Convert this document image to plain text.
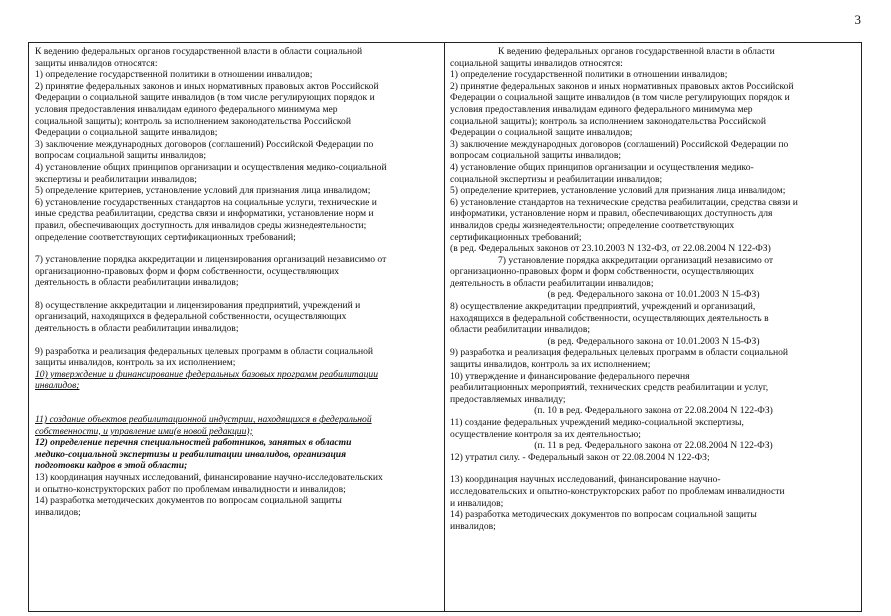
3
К ведению федеральных органов государственной власти в области социальной
защиты инвалидов относятся:
1) определение государственной политики в отношении инвалидов;
2) принятие федеральных законов и иных нормативных правовых актов Российской
Федерации о социальной защите инвалидов (в том числе регулирующих порядок и
условия предоставления инвалидам единого федерального минимума мер
социальной защиты); контроль за исполнением законодательства Российской
Федерации о социальной защите инвалидов;
3) заключение международных договоров (соглашений) Российской Федерации по
вопросам социальной защиты инвалидов;
4) установление общих принципов организации и осуществления медико-социальной
экспертизы и реабилитации инвалидов;
5) определение критериев, установление условий для признания лица инвалидом;
6) установление государственных стандартов на социальные услуги, технические и
иные средства реабилитации, средства связи и информатики, установление норм и
правил, обеспечивающих доступность для инвалидов среды жизнедеятельности;
определение соответствующих сертификационных требований;
7) установление порядка аккредитации и лицензирования организаций независимо от
организационно-правовых форм и форм собственности, осуществляющих
деятельность в области реабилитации инвалидов;
8) осуществление аккредитации и лицензирования предприятий, учреждений и
организаций, находящихся в федеральной собственности, осуществляющих
деятельность в области реабилитации инвалидов;
9) разработка и реализация федеральных целевых программ в области социальной
защиты инвалидов, контроль за их исполнением;
10) утверждение и финансирование федеральных базовых программ реабилитации
инвалидов;
11) создание объектов реабилитационной индустрии, находящихся в федеральной
собственности, и управление ими(в новой редакции);
12) определение перечня специальностей работников, занятых в области
медико-социальной экспертизы и реабилитации инвалидов, организация
подготовки кадров в этой области;
13) координация научных исследований, финансирование научно-исследовательских
и опытно-конструкторских работ по проблемам инвалидности и инвалидов;
14) разработка методических документов по вопросам социальной защиты
инвалидов;
К ведению федеральных органов государственной власти в области
социальной защиты инвалидов относятся:
1) определение государственной политики в отношении инвалидов;
2) принятие федеральных законов и иных нормативных правовых актов Российской
Федерации о социальной защите инвалидов (в том числе регулирующих порядок и
условия предоставления инвалидам единого федерального минимума мер
социальной защиты); контроль за исполнением законодательства Российской
Федерации о социальной защите инвалидов;
3) заключение международных договоров (соглашений) Российской Федерации по
вопросам социальной защиты инвалидов;
4) установление общих принципов организации и осуществления медико-
социальной экспертизы и реабилитации инвалидов;
5) определение критериев, установление условий для признания лица инвалидом;
6) установление стандартов на технические средства реабилитации, средства связи и
информатики, установление норм и правил, обеспечивающих доступность для
инвалидов среды жизнедеятельности; определение соответствующих
сертификационных требований;
(в ред. Федеральных законов от 23.10.2003 N 132-ФЗ, от 22.08.2004 N 122-ФЗ)
7) установление порядка аккредитации организаций независимо от
организационно-правовых форм и форм собственности, осуществляющих
деятельность в области реабилитации инвалидов;
(в ред. Федерального закона от 10.01.2003 N 15-ФЗ)
8) осуществление аккредитации предприятий, учреждений и организаций,
находящихся в федеральной собственности, осуществляющих деятельность в
области реабилитации инвалидов;
(в ред. Федерального закона от 10.01.2003 N 15-ФЗ)
9) разработка и реализация федеральных целевых программ в области социальной
защиты инвалидов, контроль за их исполнением;
10) утверждение и финансирование федерального перечня
реабилитационных мероприятий, технических средств реабилитации и услуг,
предоставляемых инвалиду;
(п. 10 в ред. Федерального закона от 22.08.2004 N 122-ФЗ)
11) создание федеральных учреждений медико-социальной экспертизы,
осуществление контроля за их деятельностью;
(п. 11 в ред. Федерального закона от 22.08.2004 N 122-ФЗ)
12) утратил силу. - Федеральный закон от 22.08.2004 N 122-ФЗ;
13) координация научных исследований, финансирование научно-
исследовательских и опытно-конструкторских работ по проблемам инвалидности
и инвалидов;
14) разработка методических документов по вопросам социальной защиты
инвалидов;
